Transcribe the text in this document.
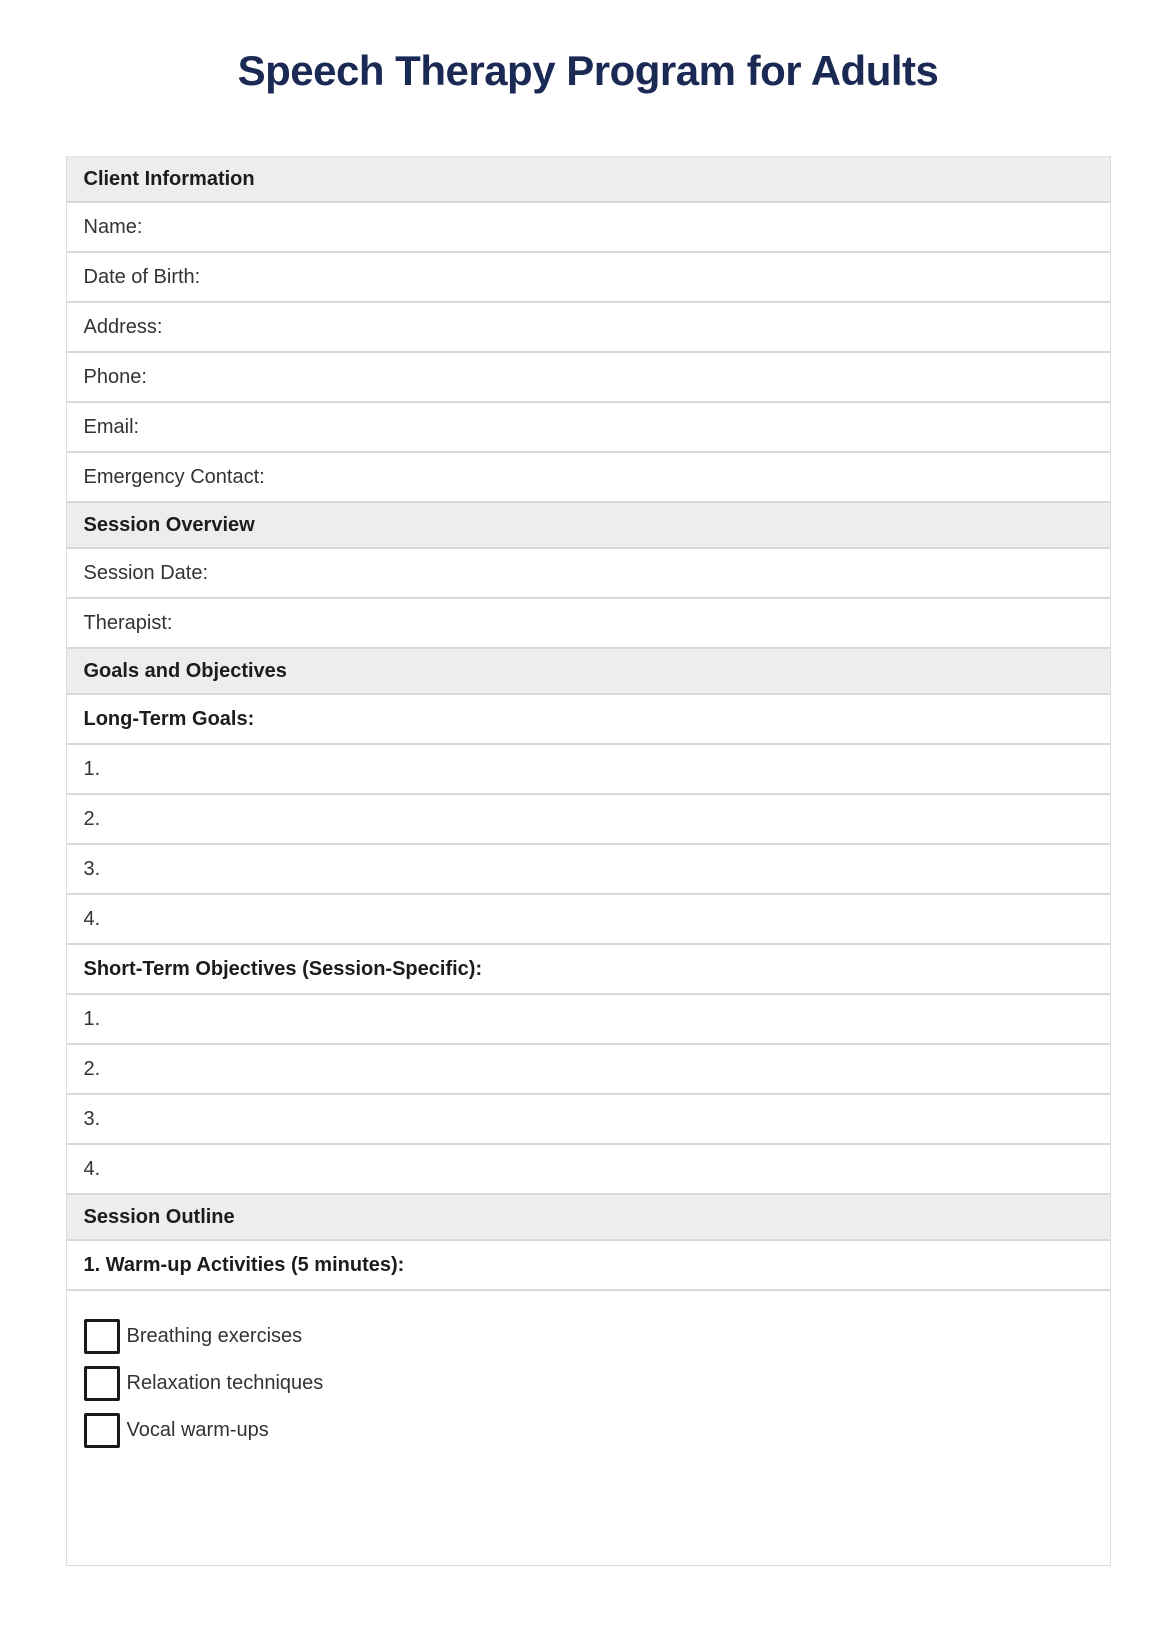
Speech Therapy Program for Adults
Client Information
Name:
Date of Birth:
Address:
Phone:
Email:
Emergency Contact:
Session Overview
Session Date:
Therapist:
Goals and Objectives
Long-Term Goals:
1.
2.
3.
4.
Short-Term Objectives (Session-Specific):
1.
2.
3.
4.
Session Outline
1. Warm-up Activities (5 minutes):
Breathing exercises
Relaxation techniques
Vocal warm-ups
